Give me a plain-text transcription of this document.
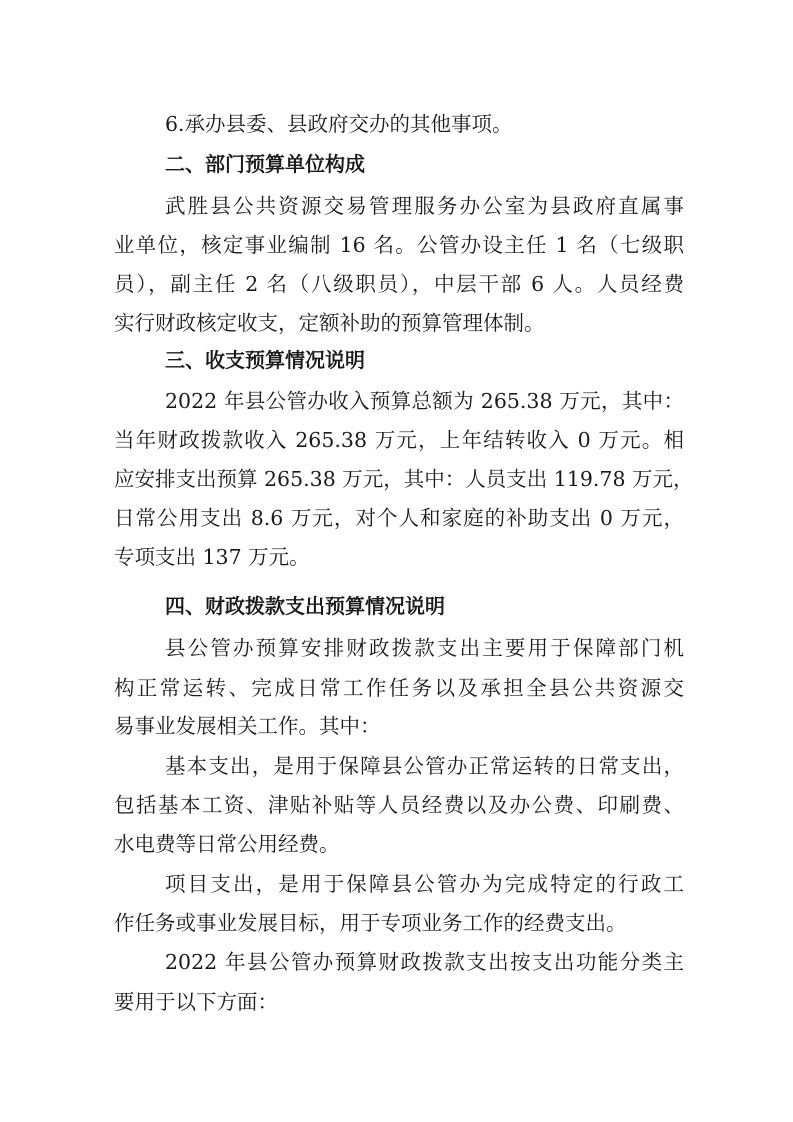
6.承办县委、县政府交办的其他事项。
二、部门预算单位构成
武胜县公共资源交易管理服务办公室为县政府直属事
业单位，核定事业编制 16 名。公管办设主任 1 名（七级职
员），副主任 2 名（八级职员），中层干部 6 人。人员经费
实行财政核定收支，定额补助的预算管理体制。
三、收支预算情况说明
2022 年县公管办收入预算总额为 265.38 万元，其中：
当年财政拨款收入 265.38 万元，上年结转收入 0 万元。相
应安排支出预算 265.38 万元，其中：人员支出 119.78 万元，
日常公用支出 8.6 万元，对个人和家庭的补助支出 0 万元，
专项支出 137 万元。
四、财政拨款支出预算情况说明
县公管办预算安排财政拨款支出主要用于保障部门机
构正常运转、完成日常工作任务以及承担全县公共资源交
易事业发展相关工作。其中：
基本支出，是用于保障县公管办正常运转的日常支出，
包括基本工资、津贴补贴等人员经费以及办公费、印刷费、
水电费等日常公用经费。
项目支出，是用于保障县公管办为完成特定的行政工
作任务或事业发展目标，用于专项业务工作的经费支出。
2022 年县公管办预算财政拨款支出按支出功能分类主
要用于以下方面：
